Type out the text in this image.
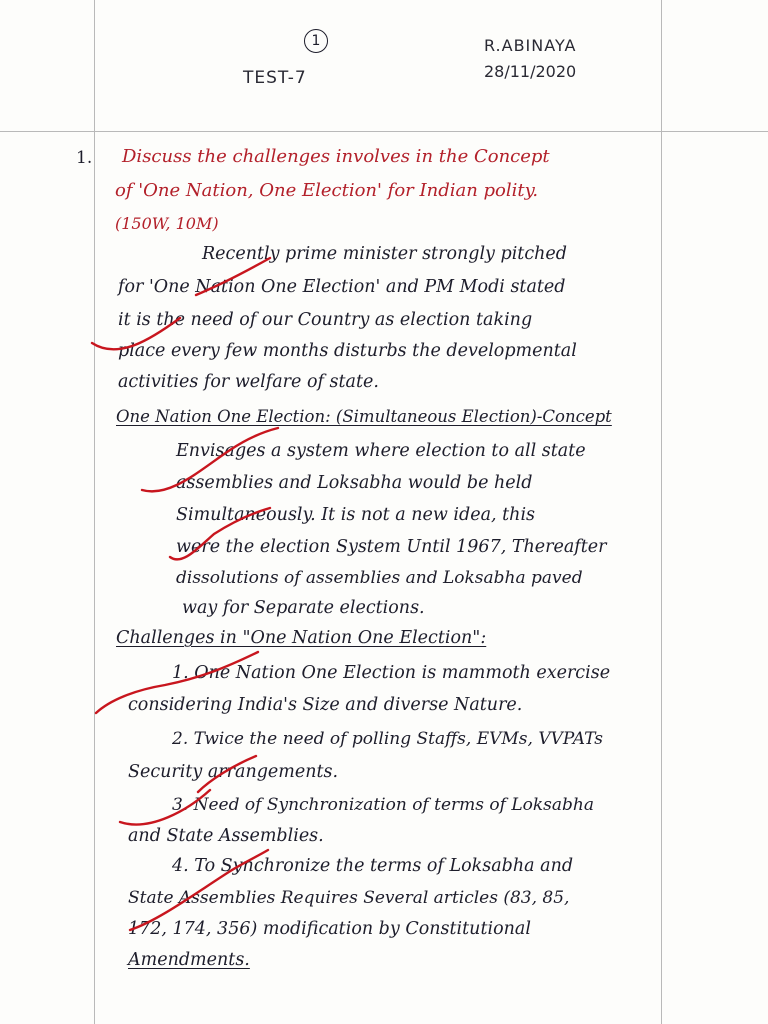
1
TEST-7
R.ABINAYA
28/11/2020
1. Discuss the challenges involves in the Concept
of 'One Nation, One Election' for Indian polity.
(150W, 10M)
Recently prime minister strongly pitched
for 'One Nation One Election' and PM Modi stated
it is the need of our Country as election taking
place every few months disturbs the developmental
activities for welfare of state.
One Nation One Election: (Simultaneous Election)-Concept
Envisages a system where election to all state
assemblies and Loksabha would be held
Simultaneously. It is not a new idea, this
were the election System Until 1967, Thereafter
dissolutions of assemblies and Loksabha paved
way for Separate elections.
Challenges in "One Nation One Election":
1. One Nation One Election is mammoth exercise
considering India's Size and diverse Nature.
2. Twice the need of polling Staffs, EVMs, VVPATs
Security arrangements.
3. Need of Synchronization of terms of Loksabha
and State Assemblies.
4. To Synchronize the terms of Loksabha and
State Assemblies Requires Several articles (83, 85,
172, 174, 356) modification by Constitutional
Amendments.
